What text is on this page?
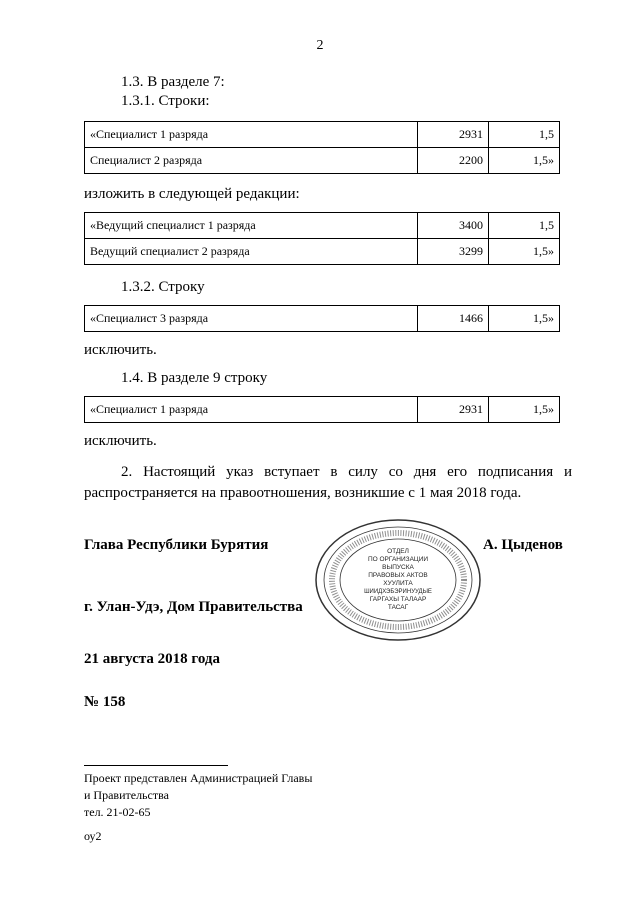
2
1.3. В разделе 7:
1.3.1. Строки:
«Специалист 1 разряда	2931	1,5
Специалист 2 разряда	2200	1,5»
изложить в следующей редакции:
«Ведущий специалист 1 разряда	3400	1,5
Ведущий специалист 2 разряда	3299	1,5»
1.3.2. Строку
«Специалист 3 разряда	1466	1,5»
исключить.
1.4. В разделе 9 строку
«Специалист 1 разряда	2931	1,5»
исключить.
2. Настоящий указ вступает в силу со дня его подписания и распространяется на правоотношения, возникшие с 1 мая 2018 года.
Глава Республики Бурятия	А. Цыденов
ОТДЕЛ
ПО ОРГАНИЗАЦИИ
ВЫПУСКА
ПРАВОВЫХ АКТОВ
ХУУЛИТА
ШИИДХЭБЭРИНУУДЫЕ
ГАРГАХЫ ТАЛААР
ТАСАГ
г. Улан-Удэ, Дом Правительства
21 августа 2018 года
№ 158
Проект представлен Администрацией Главы
и Правительства
тел. 21-02-65
оу2
